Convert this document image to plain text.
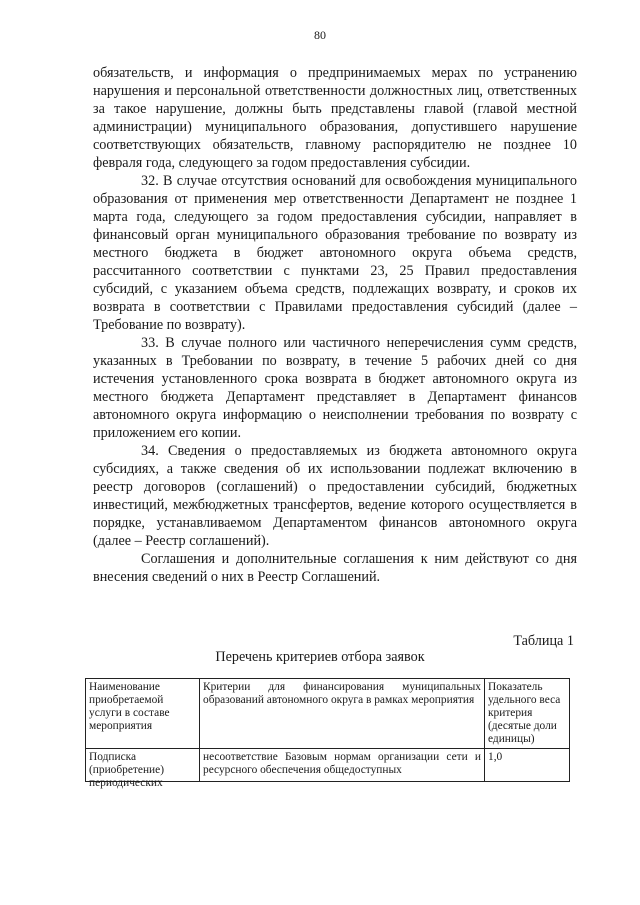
80

обязательств, и информация о предпринимаемых мерах по устранению нарушения и персональной ответственности должностных лиц, ответственных за такое нарушение, должны быть представлены главой (главой местной администрации) муниципального образования, допустившего нарушение соответствующих обязательств, главному распорядителю не позднее 10 февраля года, следующего за годом предоставления субсидии.

32. В случае отсутствия оснований для освобождения муниципального образования от применения мер ответственности Департамент не позднее 1 марта года, следующего за годом предоставления субсидии, направляет в финансовый орган муниципального образования требование по возврату из местного бюджета в бюджет автономного округа объема средств, рассчитанного соответствии с пунктами 23, 25 Правил предоставления субсидий, с указанием объема средств, подлежащих возврату, и сроков их возврата в соответствии с Правилами предоставления субсидий (далее – Требование по возврату).

33. В случае полного или частичного неперечисления сумм средств, указанных в Требовании по возврату, в течение 5 рабочих дней со дня истечения установленного срока возврата в бюджет автономного округа из местного бюджета Департамент представляет в Департамент финансов автономного округа информацию о неисполнении требования по возврату с приложением его копии.

34. Сведения о предоставляемых из бюджета автономного округа субсидиях, а также сведения об их использовании подлежат включению в реестр договоров (соглашений) о предоставлении субсидий, бюджетных инвестиций, межбюджетных трансфертов, ведение которого осуществляется в порядке, устанавливаемом Департаментом финансов автономного округа (далее – Реестр соглашений).

Соглашения и дополнительные соглашения к ним действуют со дня внесения сведений о них в Реестр Соглашений.

Таблица 1
Перечень критериев отбора заявок
Наименование приобретаемой услуги в составе мероприятия	Критерии для финансирования муниципальных образований автономного округа в рамках мероприятия	Показатель удельного веса критерия (десятые доли единицы)

Подписка (приобретение) периодических	несоответствие Базовым нормам организации сети и ресурсного обеспечения общедоступных	1,0
